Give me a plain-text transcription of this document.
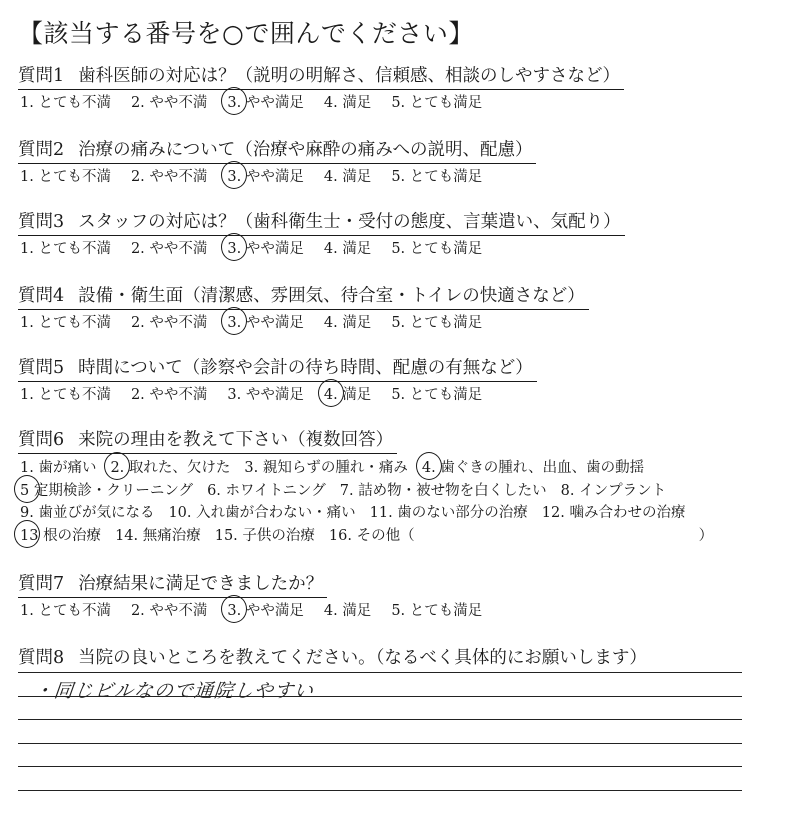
【該当する番号を○で囲んでください】
質問1 歯科医師の対応は？（説明の明解さ、信頼感、相談のしやすさなど）
1. とても不満 2. やや不満 3. やや満足 4. 満足 5. とても満足
質問2 治療の痛みについて（治療や麻酔の痛みへの説明、配慮）
1. とても不満 2. やや不満 3. やや満足 4. 満足 5. とても満足
質問3 スタッフの対応は？（歯科衛生士・受付の態度、言葉遣い、気配り）
1. とても不満 2. やや不満 3. やや満足 4. 満足 5. とても満足
質問4 設備・衛生面（清潔感、雰囲気、待合室・トイレの快適さなど）
1. とても不満 2. やや不満 3. やや満足 4. 満足 5. とても満足
質問5 時間について（診察や会計の待ち時間、配慮の有無など）
1. とても不満 2. やや不満 3. やや満足 4. 満足 5. とても満足
質問6 来院の理由を教えて下さい（複数回答）
1. 歯が痛い 2. 取れた、欠けた 3. 親知らずの腫れ・痛み 4. 歯ぐきの腫れ、出血、歯の動揺
5 定期検診・クリーニング 6. ホワイトニング 7. 詰め物・被せ物を白くしたい 8. インプラント
9. 歯並びが気になる 10. 入れ歯が合わない・痛い 11. 歯のない部分の治療 12. 噛み合わせの治療
13 根の治療 14. 無痛治療 15. 子供の治療 16. その他（	）
質問7 治療結果に満足できましたか？
1. とても不満 2. やや不満 3. やや満足 4. 満足 5. とても満足
質問8 当院の良いところを教えてください。（なるべく具体的にお願いします）
・同じビルなので通院しやすい
